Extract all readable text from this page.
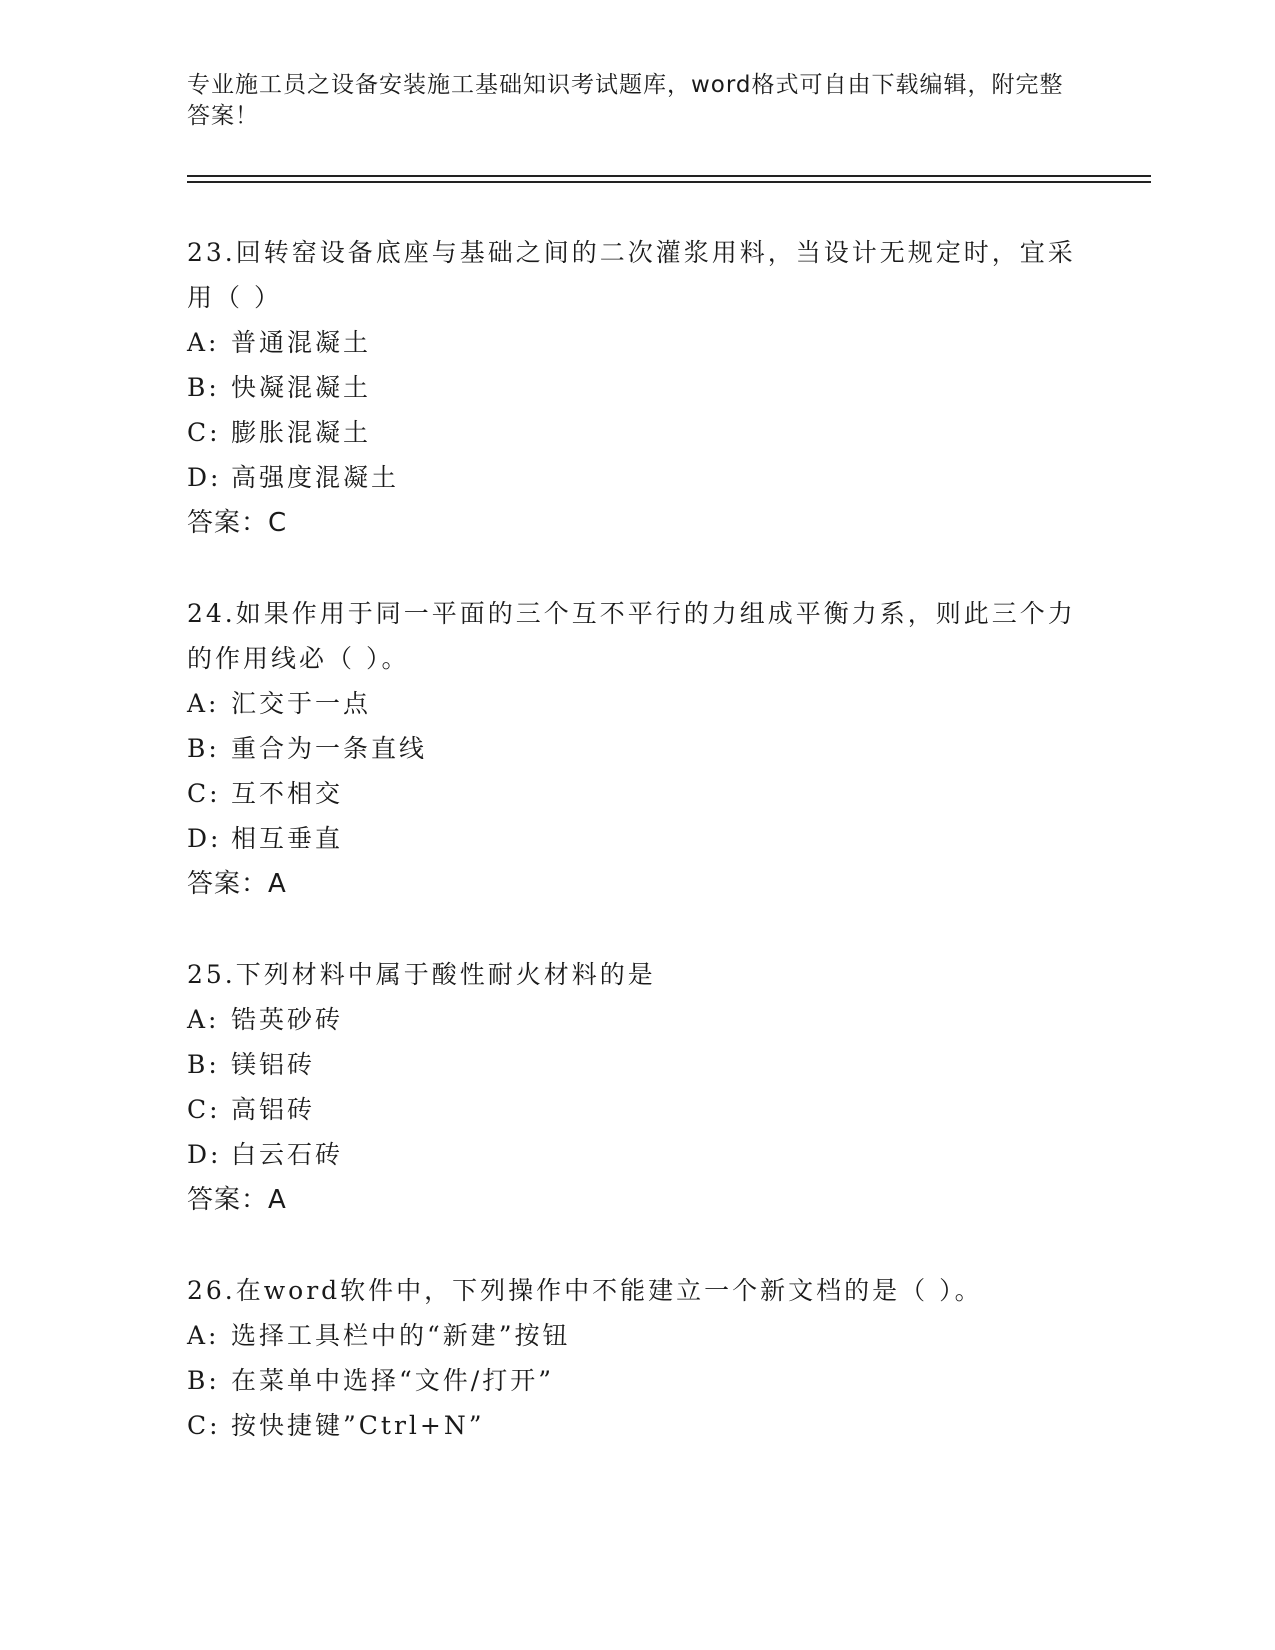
专业施工员之设备安装施工基础知识考试题库，word格式可自由下载编辑，附完整答案！

23.回转窑设备底座与基础之间的二次灌浆用料，当设计无规定时，宜采用（ ）

A: 普通混凝土
B: 快凝混凝土
C: 膨胀混凝土
D: 高强度混凝土

答案：C

24.如果作用于同一平面的三个互不平行的力组成平衡力系，则此三个力的作用线必（ ）。

A: 汇交于一点
B: 重合为一条直线
C: 互不相交
D: 相互垂直

答案：A

25.下列材料中属于酸性耐火材料的是

A: 锆英砂砖
B: 镁铝砖
C: 高铝砖
D: 白云石砖

答案：A

26.在word软件中，下列操作中不能建立一个新文档的是（ ）。

A: 选择工具栏中的“新建”按钮
B: 在菜单中选择“文件/打开”
C: 按快捷键”Ctrl+N”
